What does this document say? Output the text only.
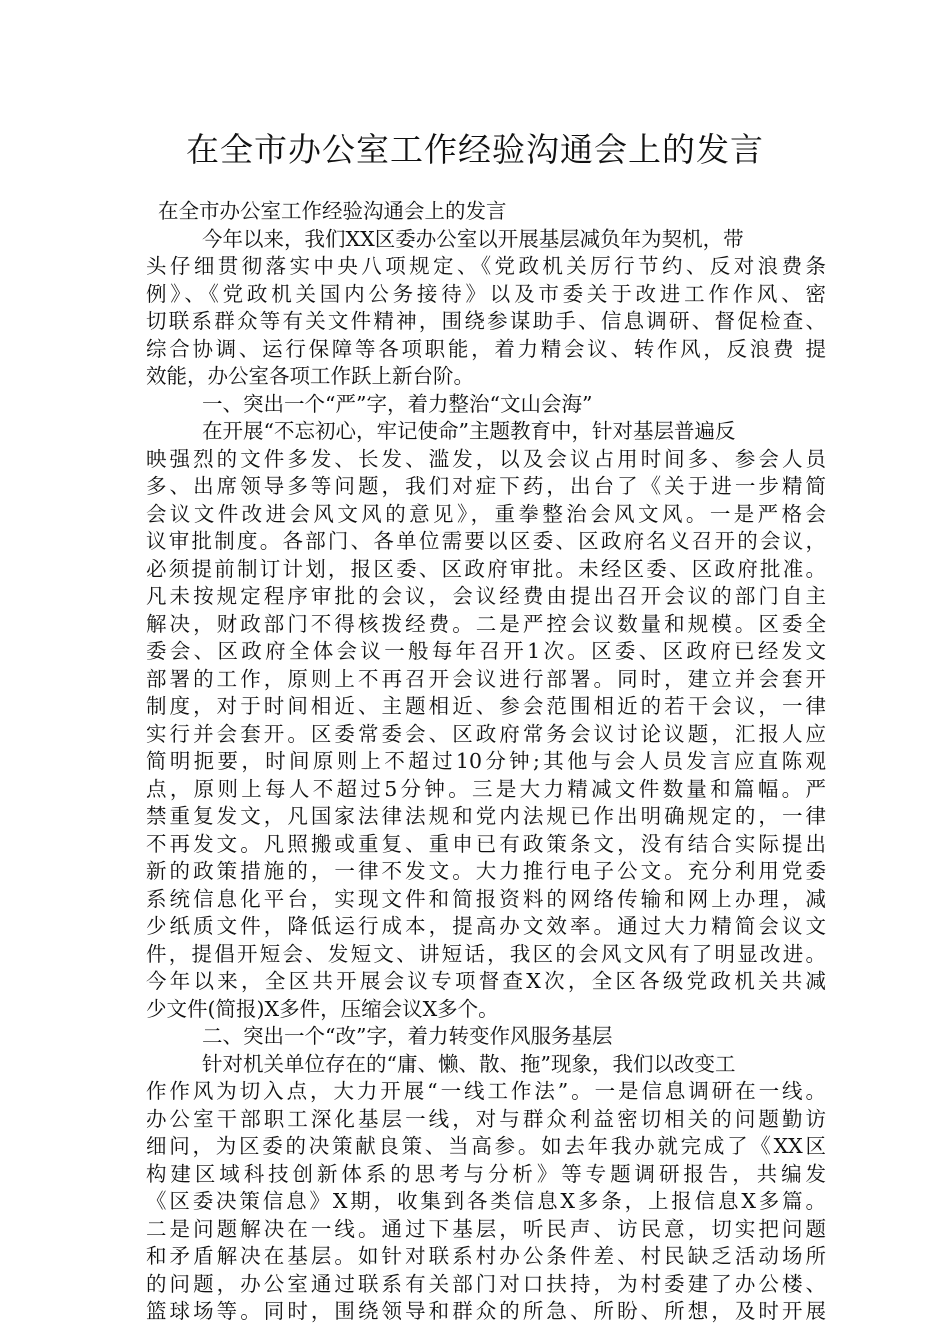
在全市办公室工作经验沟通会上的发言
在全市办公室工作经验沟通会上的发言
今年以来，我们XX区委办公室以开展基层减负年为契机，带
头仔细贯彻落实中央八项规定、《党政机关厉行节约、反对浪费条
例》、《党政机关国内公务接待》以及市委关于改进工作作风、密
切联系群众等有关文件精神，围绕参谋助手、信息调研、督促检查、
综合协调、运行保障等各项职能，着力精会议、转作风，反浪费 提
效能，办公室各项工作跃上新台阶。
一、突出一个“严”字，着力整治“文山会海”
在开展“不忘初心，牢记使命”主题教育中，针对基层普遍反
映强烈的文件多发、长发、滥发，以及会议占用时间多、参会人员
多、出席领导多等问题，我们对症下药，出台了《关于进一步精简
会议文件改进会风文风的意见》，重拳整治会风文风。一是严格会
议审批制度。各部门、各单位需要以区委、区政府名义召开的会议，
必须提前制订计划，报区委、区政府审批。未经区委、区政府批准。
凡未按规定程序审批的会议，会议经费由提出召开会议的部门自主
解决，财政部门不得核拨经费。二是严控会议数量和规模。区委全
委会、区政府全体会议一般每年召开1次。区委、区政府已经发文
部署的工作，原则上不再召开会议进行部署。同时，建立并会套开
制度，对于时间相近、主题相近、参会范围相近的若干会议，一律
实行并会套开。区委常委会、区政府常务会议讨论议题，汇报人应
简明扼要，时间原则上不超过10分钟;其他与会人员发言应直陈观
点，原则上每人不超过5分钟。三是大力精减文件数量和篇幅。严
禁重复发文，凡国家法律法规和党内法规已作出明确规定的，一律
不再发文。凡照搬或重复、重申已有政策条文，没有结合实际提出
新的政策措施的，一律不发文。大力推行电子公文。充分利用党委
系统信息化平台，实现文件和简报资料的网络传输和网上办理，减
少纸质文件，降低运行成本，提高办文效率。通过大力精简会议文
件，提倡开短会、发短文、讲短话，我区的会风文风有了明显改进。
今年以来，全区共开展会议专项督查X次，全区各级党政机关共减
少文件(简报)X多件，压缩会议X多个。
二、突出一个“改”字，着力转变作风服务基层
针对机关单位存在的“庸、懒、散、拖”现象，我们以改变工
作作风为切入点，大力开展“一线工作法”。一是信息调研在一线。
办公室干部职工深化基层一线，对与群众利益密切相关的问题勤访
细问，为区委的决策献良策、当高参。如去年我办就完成了《XX区
构建区域科技创新体系的思考与分析》等专题调研报告，共编发
《区委决策信息》X期，收集到各类信息X多条，上报信息X多篇。
二是问题解决在一线。通过下基层，听民声、访民意，切实把问题
和矛盾解决在基层。如针对联系村办公条件差、村民缺乏活动场所
的问题，办公室通过联系有关部门对口扶持，为村委建了办公楼、
篮球场等。同时，围绕领导和群众的所急、所盼、所想，及时开展
